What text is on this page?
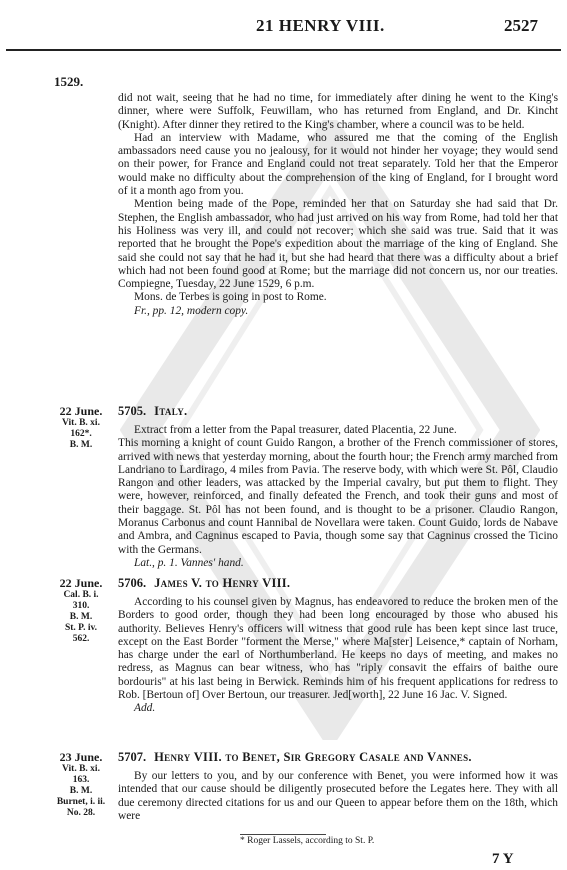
21 HENRY VIII.	2527
1529.

did not wait, seeing that he had no time, for immediately after dining he went to the King's dinner, where were Suffolk, Feuwillam, who has returned from England, and Dr. Kincht (Knight). After dinner they retired to the King's chamber, where a council was to be held.

Had an interview with Madame, who assured me that the coming of the English ambassadors need cause you no jealousy, for it would not hinder her voyage; they would send on their power, for France and England could not treat separately. Told her that the Emperor would make no difficulty about the comprehension of the king of England, for I brought word of it a month ago from you.

Mention being made of the Pope, reminded her that on Saturday she had said that Dr. Stephen, the English ambassador, who had just arrived on his way from Rome, had told her that his Holiness was very ill, and could not recover; which she said was true. Said that it was reported that he brought the Pope's expedition about the marriage of the king of England. She said she could not say that he had it, but she had heard that there was a difficulty about a brief which had not been found good at Rome; but the marriage did not concern us, nor our treaties. Compiegne, Tuesday, 22 June 1529, 6 p.m.

Mons. de Terbes is going in post to Rome.

Fr., pp. 12, modern copy.

22 June.
Vit. B. xi. 162*.
B. M.
5705. Italy.

Extract from a letter from the Papal treasurer, dated Placentia, 22 June.

This morning a knight of count Guido Rangon, a brother of the French commissioner of stores, arrived with news that yesterday morning, about the fourth hour; the French army marched from Landriano to Lardirago, 4 miles from Pavia. The reserve body, with which were St. Pôl, Claudio Rangon and other leaders, was attacked by the Imperial cavalry, but put them to flight. They were, however, reinforced, and finally defeated the French, and took their guns and most of their baggage. St. Pôl has not been found, and is thought to be a prisoner. Claudio Rangon, Moranus Carbonus and count Hannibal de Novellara were taken. Count Guido, lords de Nabave and Ambra, and Cagninus escaped to Pavia, though some say that Cagninus crossed the Ticino with the Germans.

Lat., p. 1. Vannes' hand.

22 June.
Cal. B. i. 310.
B. M.
St. P. iv. 562.
5706. James V. to Henry VIII.

According to his counsel given by Magnus, has endeavored to reduce the broken men of the Borders to good order, though they had been long encouraged by those who abused his authority. Believes Henry's officers will witness that good rule has been kept since last truce, except on the East Border "forment the Merse," where Ma[ster] Leisence,* captain of Norham, has charge under the earl of Northumberland. He keeps no days of meeting, and makes no redress, as Magnus can bear witness, who has "riply consavit the effairs of baithe oure bordouris" at his last being in Berwick. Reminds him of his frequent applications for redress to Rob. [Bertoun of] Over Bertoun, our treasurer. Jed[worth], 22 June 16 Jac. V. Signed.

Add.

23 June.
Vit. B. xi. 163.
B. M.
Burnet, i. ii.
No. 28.
5707. Henry VIII. to Benet, Sir Gregory Casale and Vannes.

By our letters to you, and by our conference with Benet, you were informed how it was intended that our cause should be diligently prosecuted before the Legates here. They with all due ceremony directed citations for us and our Queen to appear before them on the 18th, which were

* Roger Lassels, according to St. P.
7 Y
